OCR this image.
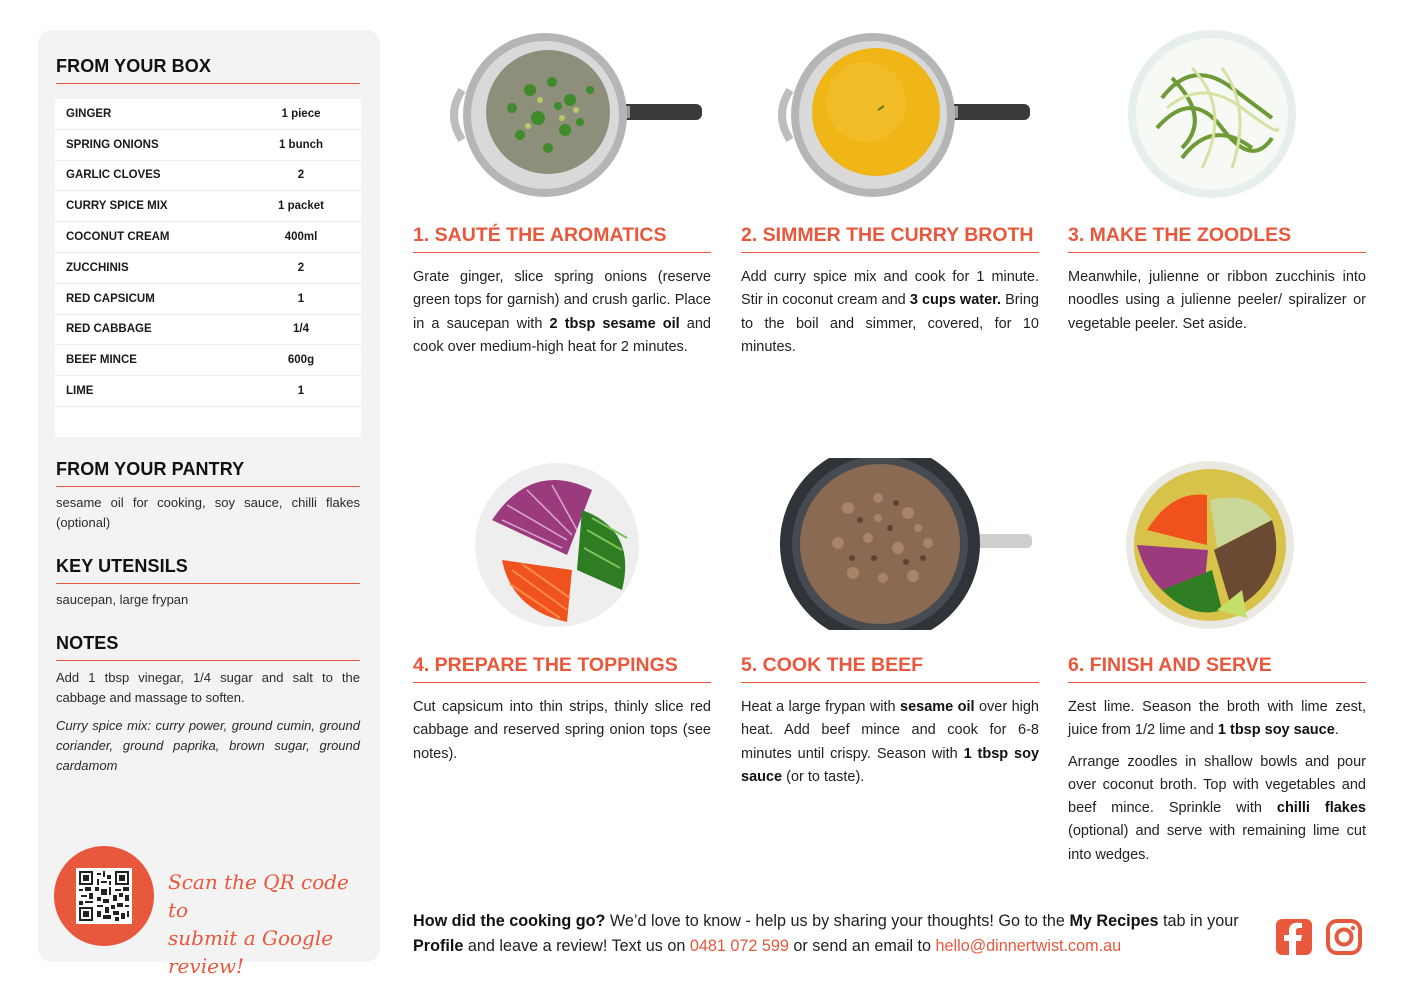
FROM YOUR BOX
GINGER	1 piece
SPRING ONIONS	1 bunch
GARLIC CLOVES	2
CURRY SPICE MIX	1 packet
COCONUT CREAM	400ml
ZUCCHINIS	2
RED CAPSICUM	1
RED CABBAGE	1/4
BEEF MINCE	600g
LIME	1
FROM YOUR PANTRY
sesame oil for cooking, soy sauce, chilli flakes (optional)
KEY UTENSILS
saucepan, large frypan
NOTES
Add 1 tbsp vinegar, 1/4 sugar and salt to the cabbage and massage to soften.
Curry spice mix: curry power, ground cumin, ground coriander, ground paprika, brown sugar, ground cardamom
Scan the QR code to
submit a Google review!
1. SAUTÉ THE AROMATICS
Grate ginger, slice spring onions (reserve green tops for garnish) and crush garlic. Place in a saucepan with 2 tbsp sesame oil and cook over medium-high heat for 2 minutes.
2. SIMMER THE CURRY BROTH
Add curry spice mix and cook for 1 minute. Stir in coconut cream and 3 cups water. Bring to the boil and simmer, covered, for 10 minutes.
3. MAKE THE ZOODLES
Meanwhile, julienne or ribbon zucchinis into noodles using a julienne peeler/ spiralizer or vegetable peeler. Set aside.
4. PREPARE THE TOPPINGS
Cut capsicum into thin strips, thinly slice red cabbage and reserved spring onion tops (see notes).
5. COOK THE BEEF
Heat a large frypan with sesame oil over high heat. Add beef mince and cook for 6-8 minutes until crispy. Season with 1 tbsp soy sauce (or to taste).
6. FINISH AND SERVE

Zest lime. Season the broth with lime zest, juice from 1/2 lime and 1 tbsp soy sauce.

Arrange zoodles in shallow bowls and pour over coconut broth. Top with vegetables and beef mince. Sprinkle with chilli flakes (optional) and serve with remaining lime cut into wedges.

How did the cooking go? We’d love to know - help us by sharing your thoughts! Go to the My Recipes tab in your Profile and leave a review! Text us on 0481 072 599 or send an email to hello@dinnertwist.com.au
